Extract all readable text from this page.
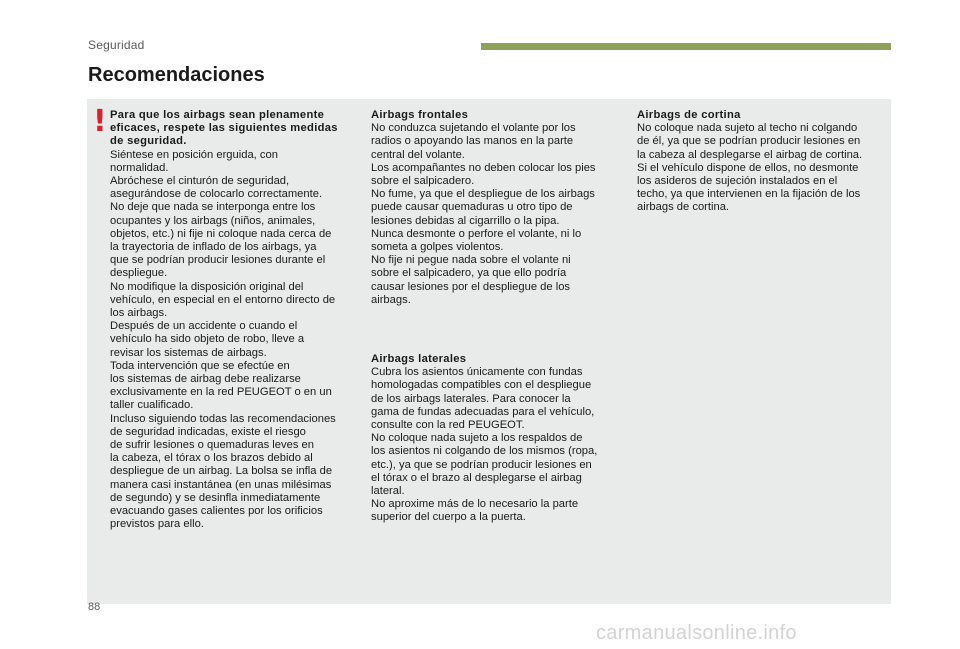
Seguridad
Recomendaciones
! Para que los airbags sean plenamente
eficaces, respete las siguientes medidas
de seguridad.

Siéntese en posición erguida, con
normalidad.
Abróchese el cinturón de seguridad,
asegurándose de colocarlo correctamente.
No deje que nada se interponga entre los
ocupantes y los airbags (niños, animales,
objetos, etc.) ni fije ni coloque nada cerca de
la trayectoria de inflado de los airbags, ya
que se podrían producir lesiones durante el
despliegue.
No modifique la disposición original del
vehículo, en especial en el entorno directo de
los airbags.
Después de un accidente o cuando el
vehículo ha sido objeto de robo, lleve a
revisar los sistemas de airbags.
Toda intervención que se efectúe en
los sistemas de airbag debe realizarse
exclusivamente en la red PEUGEOT o en un
taller cualificado.
Incluso siguiendo todas las recomendaciones
de seguridad indicadas, existe el riesgo
de sufrir lesiones o quemaduras leves en
la cabeza, el tórax o los brazos debido al
despliegue de un airbag. La bolsa se infla de
manera casi instantánea (en unas milésimas
de segundo) y se desinfla inmediatamente
evacuando gases calientes por los orificios
previstos para ello.

Airbags frontales

No conduzca sujetando el volante por los
radios o apoyando las manos en la parte
central del volante.
Los acompañantes no deben colocar los pies
sobre el salpicadero.
No fume, ya que el despliegue de los airbags
puede causar quemaduras u otro tipo de
lesiones debidas al cigarrillo o la pipa.
Nunca desmonte o perfore el volante, ni lo
someta a golpes violentos.
No fije ni pegue nada sobre el volante ni
sobre el salpicadero, ya que ello podría
causar lesiones por el despliegue de los
airbags.

Airbags laterales

Cubra los asientos únicamente con fundas
homologadas compatibles con el despliegue
de los airbags laterales. Para conocer la
gama de fundas adecuadas para el vehículo,
consulte con la red PEUGEOT.
No coloque nada sujeto a los respaldos de
los asientos ni colgando de los mismos (ropa,
etc.), ya que se podrían producir lesiones en
el tórax o el brazo al desplegarse el airbag
lateral.
No aproxime más de lo necesario la parte
superior del cuerpo a la puerta.

Airbags de cortina

No coloque nada sujeto al techo ni colgando
de él, ya que se podrían producir lesiones en
la cabeza al desplegarse el airbag de cortina.
Si el vehículo dispone de ellos, no desmonte
los asideros de sujeción instalados en el
techo, ya que intervienen en la fijación de los
airbags de cortina.

88
carmanualsonline.info
